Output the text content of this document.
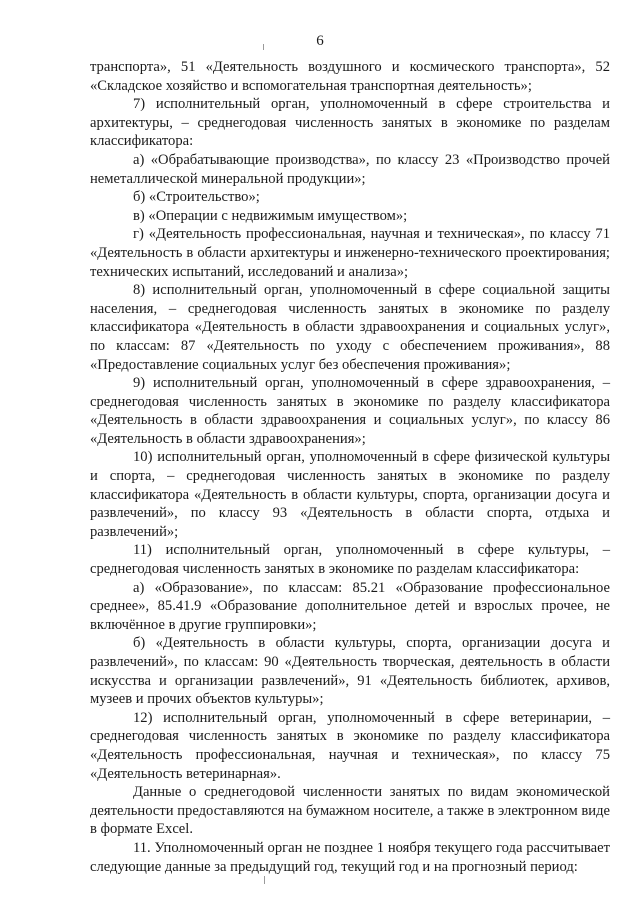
6

транспорта», 51 «Деятельность воздушного и космического транспорта», 52 «Складское хозяйство и вспомогательная транспортная деятельность»;

7) исполнительный орган, уполномоченный в сфере строительства и архитектуры, – среднегодовая численность занятых в экономике по разделам классификатора:

а) «Обрабатывающие производства», по классу 23 «Производство прочей неметаллической минеральной продукции»;

б) «Строительство»;

в) «Операции с недвижимым имуществом»;

г) «Деятельность профессиональная, научная и техническая», по классу 71 «Деятельность в области архитектуры и инженерно-технического проектирования; технических испытаний, исследований и анализа»;

8) исполнительный орган, уполномоченный в сфере социальной защиты населения, – среднегодовая численность занятых в экономике по разделу классификатора «Деятельность в области здравоохранения и социальных услуг», по классам: 87 «Деятельность по уходу с обеспечением проживания», 88 «Предоставление социальных услуг без обеспечения проживания»;

9) исполнительный орган, уполномоченный в сфере здравоохранения, – среднегодовая численность занятых в экономике по разделу классификатора «Деятельность в области здравоохранения и социальных услуг», по классу 86 «Деятельность в области здравоохранения»;

10) исполнительный орган, уполномоченный в сфере физической культуры и спорта, – среднегодовая численность занятых в экономике по разделу классификатора «Деятельность в области культуры, спорта, организации досуга и развлечений», по классу 93 «Деятельность в области спорта, отдыха и развлечений»;

11) исполнительный орган, уполномоченный в сфере культуры, – среднегодовая численность занятых в экономике по разделам классификатора:

а) «Образование», по классам: 85.21 «Образование профессиональное среднее», 85.41.9 «Образование дополнительное детей и взрослых прочее, не включённое в другие группировки»;

б) «Деятельность в области культуры, спорта, организации досуга и развлечений», по классам: 90 «Деятельность творческая, деятельность в области искусства и организации развлечений», 91 «Деятельность библиотек, архивов, музеев и прочих объектов культуры»;

12) исполнительный орган, уполномоченный в сфере ветеринарии, – среднегодовая численность занятых в экономике по разделу классификатора «Деятельность профессиональная, научная и техническая», по классу 75 «Деятельность ветеринарная».

Данные о среднегодовой численности занятых по видам экономической деятельности предоставляются на бумажном носителе, а также в электронном виде в формате Excel.

11. Уполномоченный орган не позднее 1 ноября текущего года рассчитывает следующие данные за предыдущий год, текущий год и на прогнозный период:
